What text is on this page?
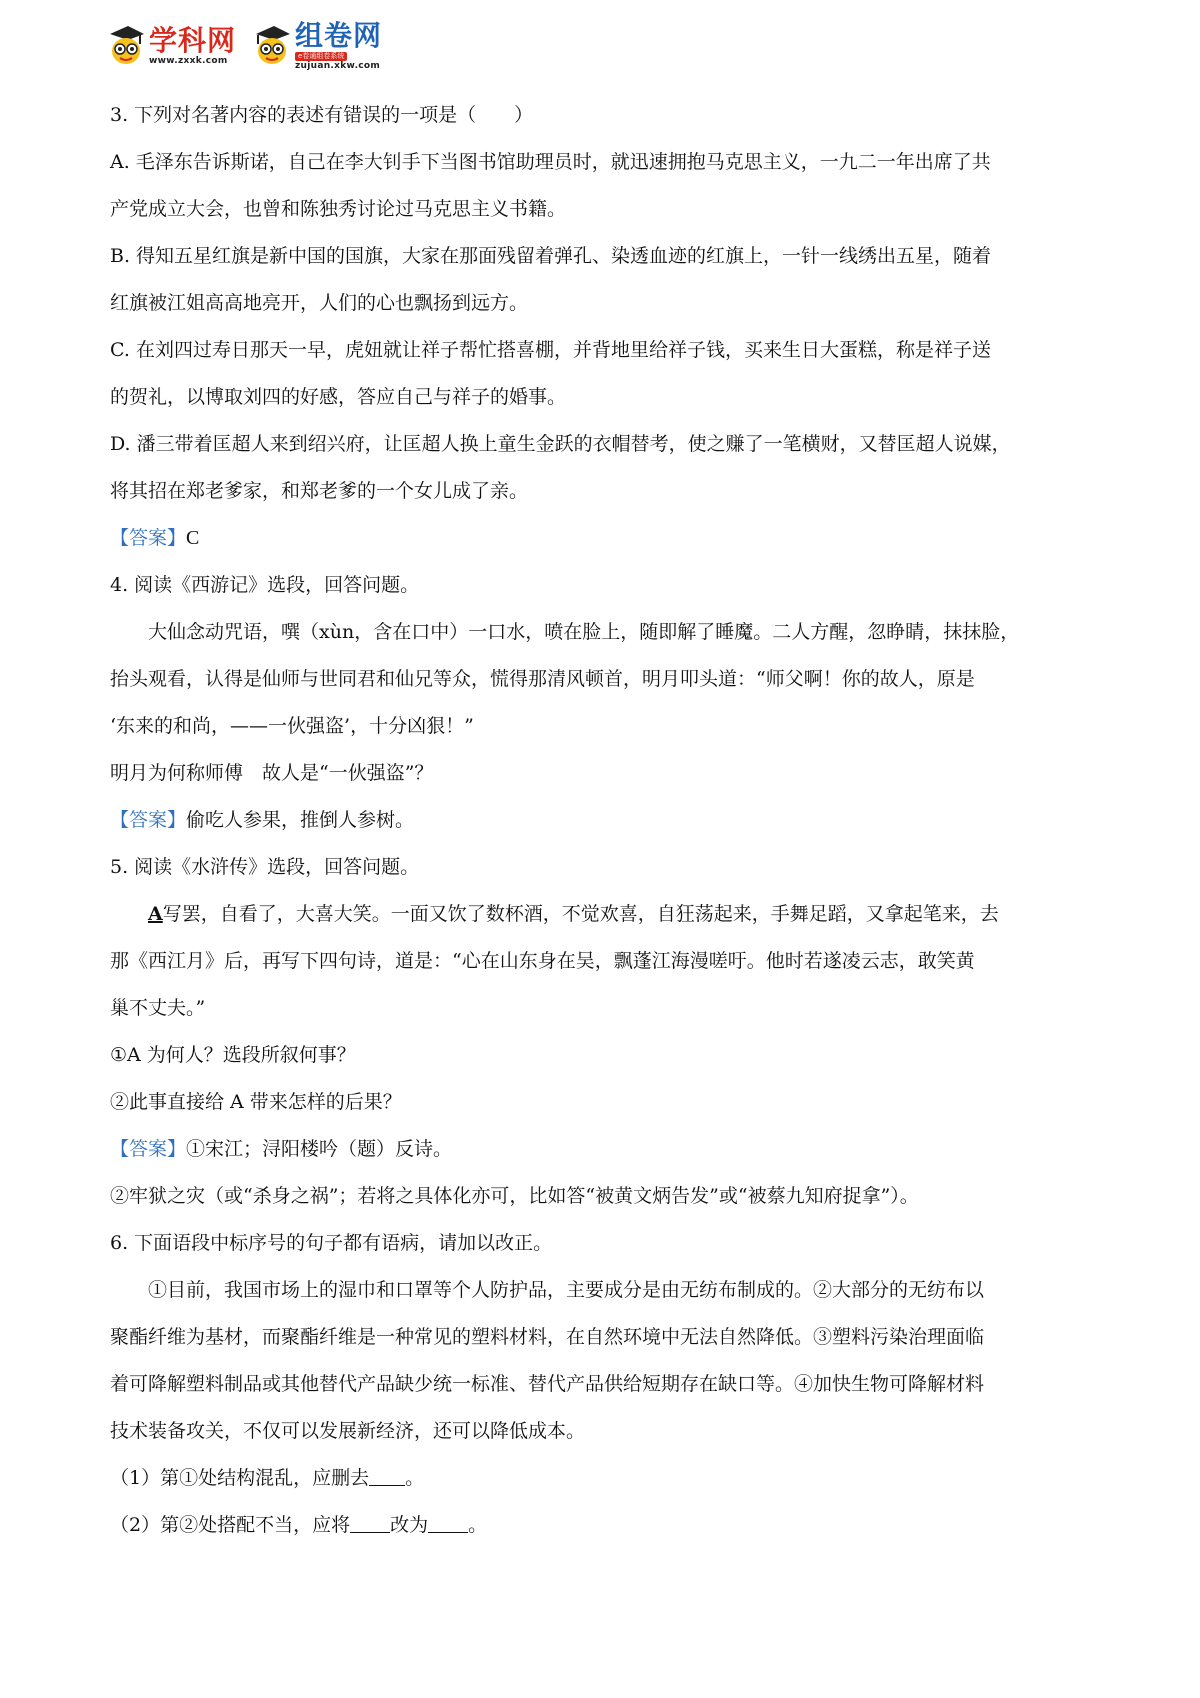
学科网
www.zxxk.com
组卷网
e卷通组卷系统
zujuan.xkw.com

3. 下列对名著内容的表述有错误的一项是（　　）

A. 毛泽东告诉斯诺，自己在李大钊手下当图书馆助理员时，就迅速拥抱马克思主义，一九二一年出席了共

产党成立大会，也曾和陈独秀讨论过马克思主义书籍。

B. 得知五星红旗是新中国的国旗，大家在那面残留着弹孔、染透血迹的红旗上，一针一线绣出五星，随着

红旗被江姐高高地亮开，人们的心也飘扬到远方。

C. 在刘四过寿日那天一早，虎妞就让祥子帮忙搭喜棚，并背地里给祥子钱，买来生日大蛋糕，称是祥子送

的贺礼，以博取刘四的好感，答应自己与祥子的婚事。

D. 潘三带着匡超人来到绍兴府，让匡超人换上童生金跃的衣帽替考，使之赚了一笔横财，又替匡超人说媒，

将其招在郑老爹家，和郑老爹的一个女儿成了亲。

【答案】C

4. 阅读《西游记》选段，回答问题。

大仙念动咒语，噀（xùn，含在口中）一口水，喷在脸上，随即解了睡魔。二人方醒，忽睁睛，抹抹脸，

抬头观看，认得是仙师与世同君和仙兄等众，慌得那清风顿首，明月叩头道：“师父啊！你的故人，原是

‘东来的和尚，——一伙强盗’，十分凶狠！”

明月为何称师傅　故人是“一伙强盗”？

【答案】偷吃人参果，推倒人参树。

5. 阅读《水浒传》选段，回答问题。

A写罢，自看了，大喜大笑。一面又饮了数杯酒，不觉欢喜，自狂荡起来，手舞足蹈，又拿起笔来，去

那《西江月》后，再写下四句诗，道是：“心在山东身在吴，飘蓬江海漫嗟吁。他时若遂凌云志，敢笑黄

巢不丈夫。”

①A 为何人？选段所叙何事？

②此事直接给 A 带来怎样的后果？

【答案】①宋江；浔阳楼吟（题）反诗。

②牢狱之灾（或“杀身之祸”；若将之具体化亦可，比如答“被黄文炳告发”或“被蔡九知府捉拿”）。

6. 下面语段中标序号的句子都有语病，请加以改正。

①目前，我国市场上的湿巾和口罩等个人防护品，主要成分是由无纺布制成的。②大部分的无纺布以

聚酯纤维为基材，而聚酯纤维是一种常见的塑料材料，在自然环境中无法自然降低。③塑料污染治理面临

着可降解塑料制品或其他替代产品缺少统一标准、替代产品供给短期存在缺口等。④加快生物可降解材料

技术装备攻关，不仅可以发展新经济，还可以降低成本。

（1）第①处结构混乱，应删去 。

（2）第②处搭配不当，应将 改为 。
